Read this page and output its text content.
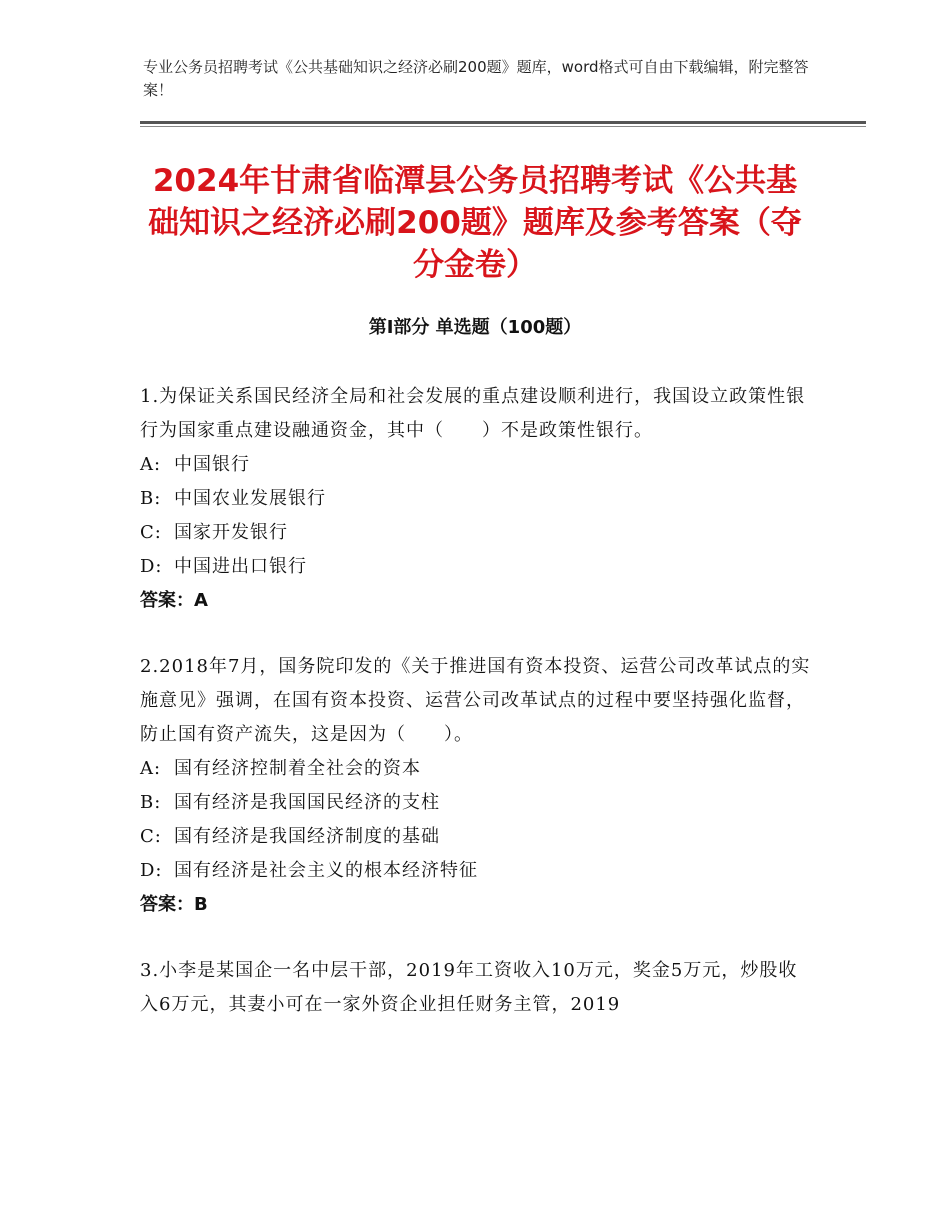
专业公务员招聘考试《公共基础知识之经济必刷200题》题库，word格式可自由下载编辑，附完整答案！
2024年甘肃省临潭县公务员招聘考试《公共基础知识之经济必刷200题》题库及参考答案（夺分金卷）
第Ⅰ部分 单选题（100题）

1.为保证关系国民经济全局和社会发展的重点建设顺利进行，我国设立政策性银行为国家重点建设融通资金，其中（　　）不是政策性银行。

A: 中国银行

B: 中国农业发展银行

C: 国家开发银行

D: 中国进出口银行

答案：A

2.2018年7月，国务院印发的《关于推进国有资本投资、运营公司改革试点的实施意见》强调，在国有资本投资、运营公司改革试点的过程中要坚持强化监督，防止国有资产流失，这是因为（　　）。

A: 国有经济控制着全社会的资本

B: 国有经济是我国国民经济的支柱

C: 国有经济是我国经济制度的基础

D: 国有经济是社会主义的根本经济特征

答案：B

3.小李是某国企一名中层干部，2019年工资收入10万元，奖金5万元，炒股收入6万元，其妻小可在一家外资企业担任财务主管，2019
